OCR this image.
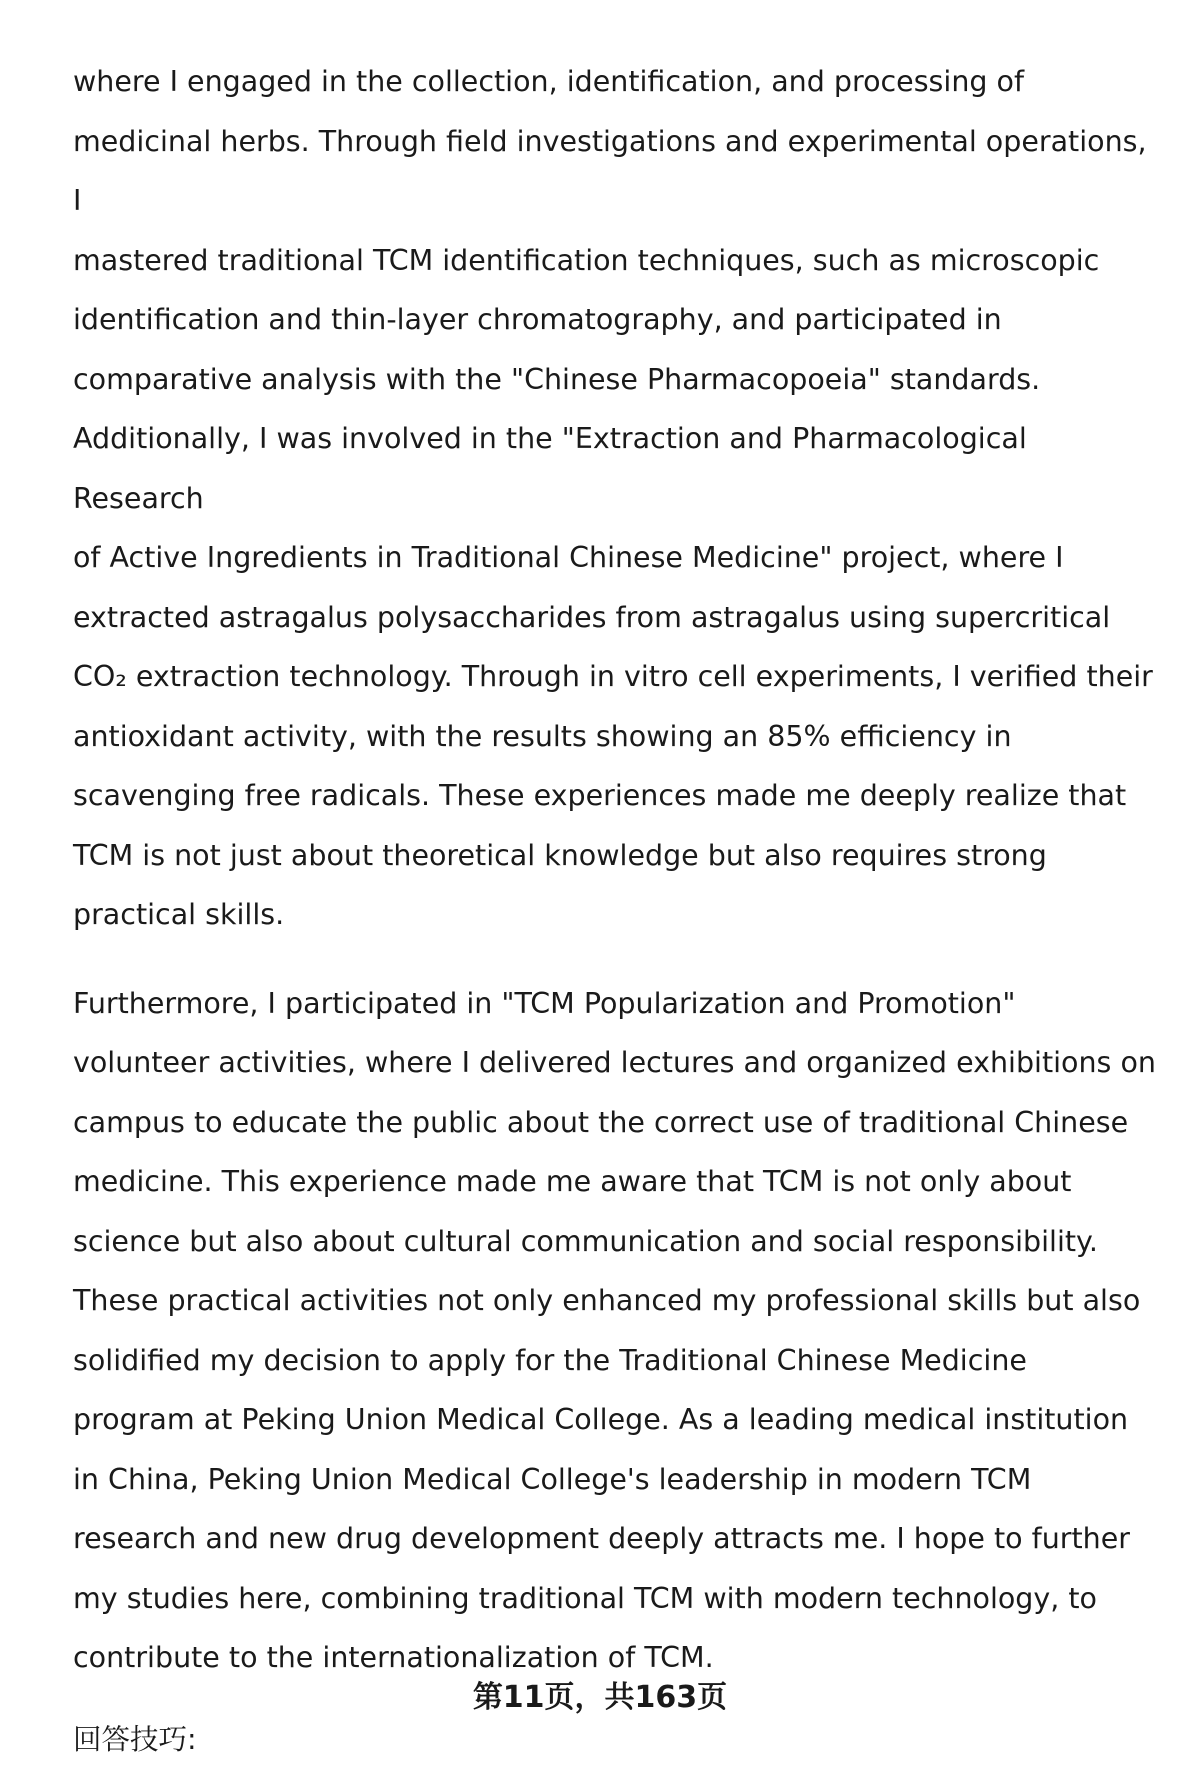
where I engaged in the collection, identification, and processing of
medicinal herbs. Through field investigations and experimental operations, I
mastered traditional TCM identification techniques, such as microscopic
identification and thin-layer chromatography, and participated in
comparative analysis with the "Chinese Pharmacopoeia" standards.
Additionally, I was involved in the "Extraction and Pharmacological Research
of Active Ingredients in Traditional Chinese Medicine" project, where I
extracted astragalus polysaccharides from astragalus using supercritical
CO₂ extraction technology. Through in vitro cell experiments, I verified their
antioxidant activity, with the results showing an 85% efficiency in
scavenging free radicals. These experiences made me deeply realize that
TCM is not just about theoretical knowledge but also requires strong
practical skills.

Furthermore, I participated in "TCM Popularization and Promotion"
volunteer activities, where I delivered lectures and organized exhibitions on
campus to educate the public about the correct use of traditional Chinese
medicine. This experience made me aware that TCM is not only about
science but also about cultural communication and social responsibility.
These practical activities not only enhanced my professional skills but also
solidified my decision to apply for the Traditional Chinese Medicine
program at Peking Union Medical College. As a leading medical institution
in China, Peking Union Medical College's leadership in modern TCM
research and new drug development deeply attracts me. I hope to further
my studies here, combining traditional TCM with modern technology, to
contribute to the internationalization of TCM.

回答技巧:

第11页，共163页
